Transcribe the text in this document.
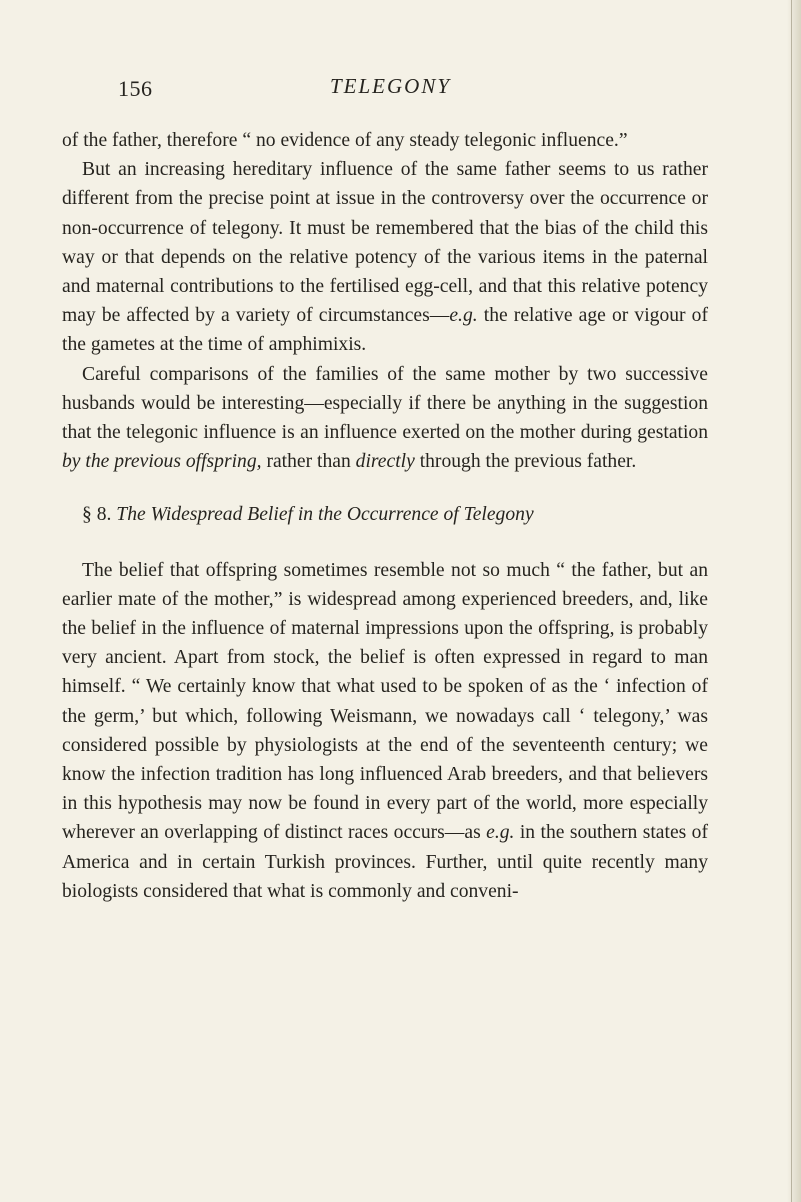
156	TELEGONY

of the father, therefore “ no evidence of any steady telegonic influence.”

But an increasing hereditary influence of the same father seems to us rather different from the precise point at issue in the controversy over the occurrence or non-occurrence of telegony. It must be remembered that the bias of the child this way or that depends on the relative potency of the various items in the paternal and maternal contributions to the fertilised egg-cell, and that this relative potency may be affected by a variety of circumstances—e.g. the relative age or vigour of the gametes at the time of amphimixis.

Careful comparisons of the families of the same mother by two successive husbands would be interesting—especially if there be anything in the suggestion that the telegonic influence is an influence exerted on the mother during gestation by the previous offspring, rather than directly through the previous father.

§ 8. The Widespread Belief in the Occurrence of Telegony

The belief that offspring sometimes resemble not so much “ the father, but an earlier mate of the mother,” is widespread among experienced breeders, and, like the belief in the influence of maternal impressions upon the offspring, is probably very ancient. Apart from stock, the belief is often expressed in regard to man himself. “ We certainly know that what used to be spoken of as the ‘ infection of the germ,’ but which, following Weismann, we nowadays call ‘ telegony,’ was considered possible by physiologists at the end of the seventeenth century; we know the infection tradition has long influenced Arab breeders, and that believers in this hypothesis may now be found in every part of the world, more especially wherever an overlapping of distinct races occurs—as e.g. in the southern states of America and in certain Turkish provinces. Further, until quite recently many biologists considered that what is commonly and conveni-
